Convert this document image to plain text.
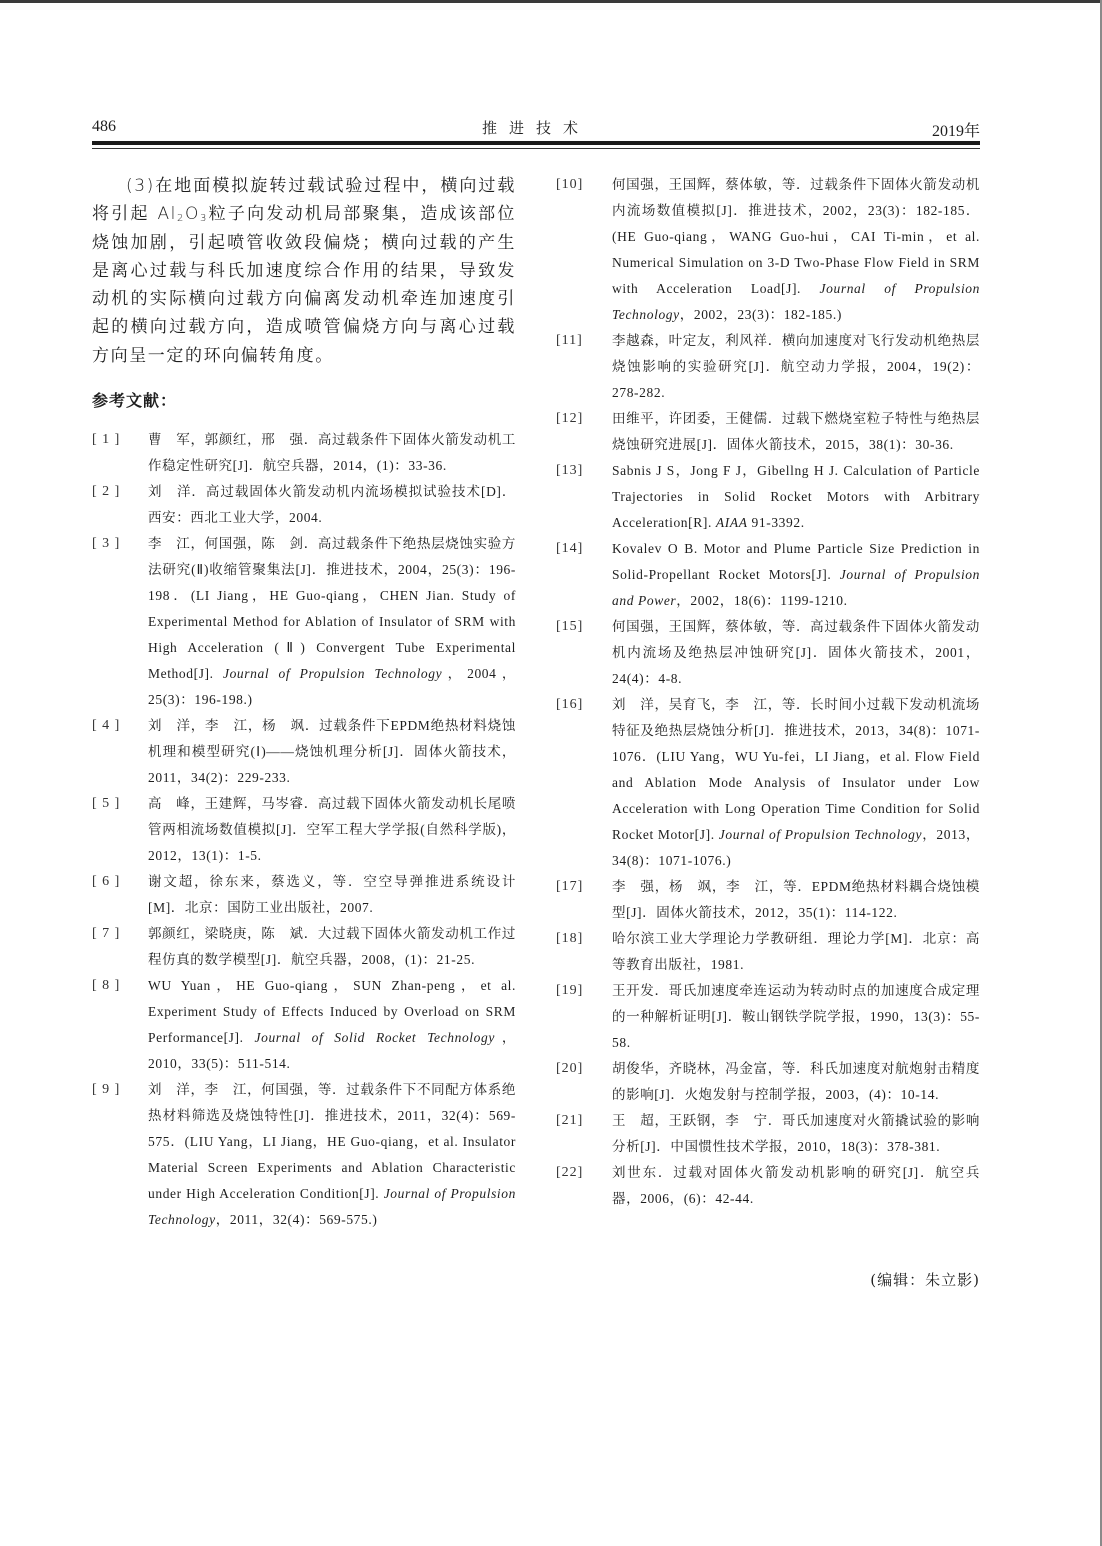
486	推进技术	2019年

(3)在地面模拟旋转过载试验过程中，横向过载将引起 $Al_2O_3$粒子向发动机局部聚集，造成该部位烧蚀加剧，引起喷管收敛段偏烧；横向过载的产生是离心过载与科氏加速度综合作用的结果，导致发动机的实际横向过载方向偏离发动机牵连加速度引起的横向过载方向，造成喷管偏烧方向与离心过载方向呈一定的环向偏转角度。

参考文献：
[ 1 ] 曹　军，郭颜红，邢　强．高过载条件下固体火箭发动机工作稳定性研究[J]．航空兵器，2014，(1)：33-36.
[ 2 ] 刘　洋．高过载固体火箭发动机内流场模拟试验技术[D]．西安：西北工业大学，2004.
[ 3 ] 李　江，何国强，陈　剑．高过载条件下绝热层烧蚀实验方法研究(Ⅱ)收缩管聚集法[J]．推进技术，2004，25(3)：196-198．(LI Jiang，HE Guo-qiang，CHEN Jian. Study of Experimental Method for Ablation of Insulator of SRM with High Acceleration (Ⅱ) Convergent Tube Experimental Method[J]. Journal of Propulsion Technology，2004，25(3)：196-198.)
[ 4 ] 刘　洋，李　江，杨　飒．过载条件下EPDM绝热材料烧蚀机理和模型研究(Ⅰ)——烧蚀机理分析[J]．固体火箭技术，2011，34(2)：229-233.
[ 5 ] 高　峰，王建辉，马岑睿．高过载下固体火箭发动机长尾喷管两相流场数值模拟[J]．空军工程大学学报(自然科学版)，2012，13(1)：1-5.
[ 6 ] 谢文超，徐东来，蔡选义，等．空空导弹推进系统设计[M]．北京：国防工业出版社，2007.
[ 7 ] 郭颜红，梁晓庚，陈　斌．大过载下固体火箭发动机工作过程仿真的数学模型[J]．航空兵器，2008，(1)：21-25.
[ 8 ] WU Yuan，HE Guo-qiang，SUN Zhan-peng，et al. Experiment Study of Effects Induced by Overload on SRM Performance[J]. Journal of Solid Rocket Technology，2010，33(5)：511-514.
[ 9 ] 刘　洋，李　江，何国强，等．过载条件下不同配方体系绝热材料筛选及烧蚀特性[J]．推进技术，2011，32(4)：569-575．(LIU Yang，LI Jiang，HE Guo-qiang，et al. Insulator Material Screen Experiments and Ablation Characteristic under High Acceleration Condition[J]. Journal of Propulsion Technology，2011，32(4)：569-575.)
[10] 何国强，王国辉，蔡体敏，等．过载条件下固体火箭发动机内流场数值模拟[J]．推进技术，2002，23(3)：182-185．(HE Guo-qiang，WANG Guo-hui，CAI Ti-min，et al. Numerical Simulation on 3-D Two-Phase Flow Field in SRM with Acceleration Load[J]. Journal of Propulsion Technology，2002，23(3)：182-185.)
[11] 李越森，叶定友，利风祥．横向加速度对飞行发动机绝热层烧蚀影响的实验研究[J]．航空动力学报，2004，19(2)：278-282.
[12] 田维平，许团委，王健儒．过载下燃烧室粒子特性与绝热层烧蚀研究进展[J]．固体火箭技术，2015，38(1)：30-36.
[13] Sabnis J S，Jong F J，Gibellng H J. Calculation of Particle Trajectories in Solid Rocket Motors with Arbitrary Acceleration[R]. AIAA 91-3392.
[14] Kovalev O B. Motor and Plume Particle Size Prediction in Solid-Propellant Rocket Motors[J]. Journal of Propulsion and Power，2002，18(6)：1199-1210.
[15] 何国强，王国辉，蔡体敏，等．高过载条件下固体火箭发动机内流场及绝热层冲蚀研究[J]．固体火箭技术，2001，24(4)：4-8.
[16] 刘　洋，吴育飞，李　江，等．长时间小过载下发动机流场特征及绝热层烧蚀分析[J]．推进技术，2013，34(8)：1071-1076．(LIU Yang，WU Yu-fei，LI Jiang，et al. Flow Field and Ablation Mode Analysis of Insulator under Low Acceleration with Long Operation Time Condition for Solid Rocket Motor[J]. Journal of Propulsion Technology，2013，34(8)：1071-1076.)
[17] 李　强，杨　飒，李　江，等．EPDM绝热材料耦合烧蚀模型[J]．固体火箭技术，2012，35(1)：114-122.
[18] 哈尔滨工业大学理论力学教研组．理论力学[M]．北京：高等教育出版社，1981.
[19] 王开发．哥氏加速度牵连运动为转动时点的加速度合成定理的一种解析证明[J]．鞍山钢铁学院学报，1990，13(3)：55-58.
[20] 胡俊华，齐晓林，冯金富，等．科氏加速度对航炮射击精度的影响[J]．火炮发射与控制学报，2003，(4)：10-14.
[21] 王　超，王跃钢，李　宁．哥氏加速度对火箭撬试验的影响分析[J]．中国惯性技术学报，2010，18(3)：378-381.
[22] 刘世东．过载对固体火箭发动机影响的研究[J]．航空兵器，2006，(6)：42-44.
(编辑：朱立影)
